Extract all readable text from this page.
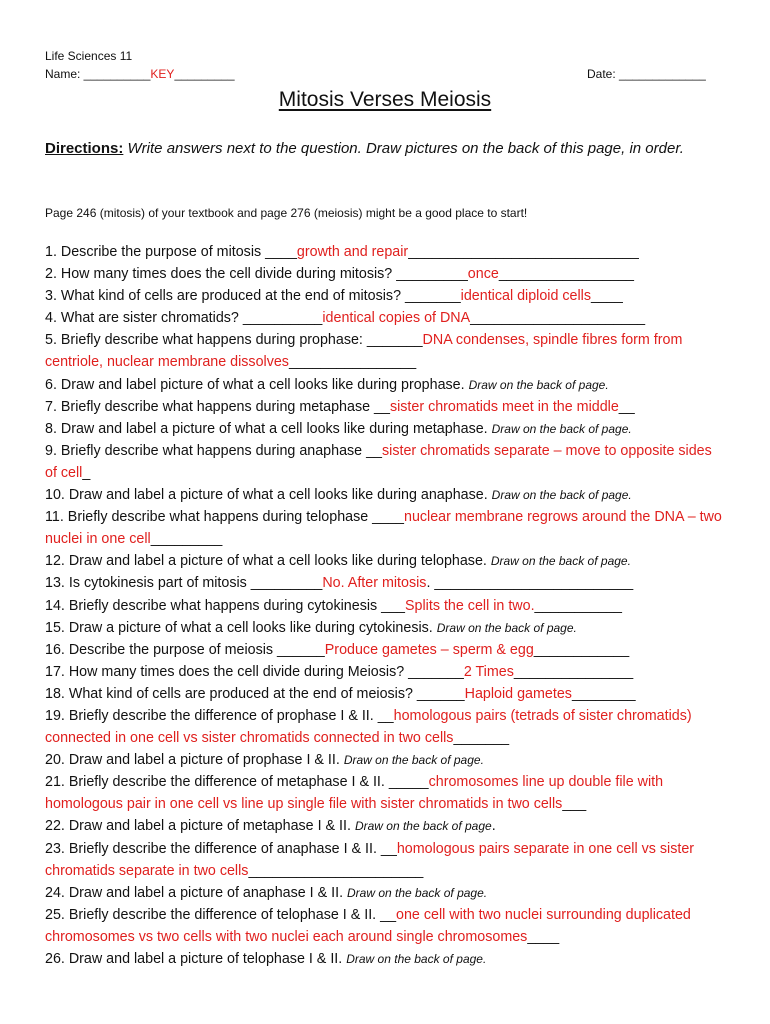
Life Sciences 11
Name: __________KEY_________	Date: _____________
Mitosis Verses Meiosis
Directions: Write answers next to the question. Draw pictures on the back of this page, in order.
Page 246 (mitosis) of your textbook and page 276 (meiosis) might be a good place to start!

1. Describe the purpose of mitosis ____growth and repair_____________________________

2. How many times does the cell divide during mitosis? _________once_________________

3. What kind of cells are produced at the end of mitosis? _______identical diploid cells____

4. What are sister chromatids? __________identical copies of DNA______________________

5. Briefly describe what happens during prophase: _______DNA condenses, spindle fibres form from centriole, nuclear membrane dissolves________________

6. Draw and label picture of what a cell looks like during prophase. Draw on the back of page.

7. Briefly describe what happens during metaphase __sister chromatids meet in the middle__

8. Draw and label a picture of what a cell looks like during metaphase. Draw on the back of page.

9. Briefly describe what happens during anaphase __sister chromatids separate – move to opposite sides of cell_

10. Draw and label a picture of what a cell looks like during anaphase. Draw on the back of page.

11. Briefly describe what happens during telophase ____nuclear membrane regrows around the DNA – two nuclei in one cell_________

12. Draw and label a picture of what a cell looks like during telophase. Draw on the back of page.

13. Is cytokinesis part of mitosis _________No. After mitosis. _________________________

14. Briefly describe what happens during cytokinesis ___Splits the cell in two.___________

15. Draw a picture of what a cell looks like during cytokinesis. Draw on the back of page.

16. Describe the purpose of meiosis ______Produce gametes – sperm & egg____________

17. How many times does the cell divide during Meiosis? _______2 Times_______________

18. What kind of cells are produced at the end of meiosis? ______Haploid gametes________

19. Briefly describe the difference of prophase I & II. __homologous pairs (tetrads of sister chromatids) connected in one cell vs sister chromatids connected in two cells_______

20. Draw and label a picture of prophase I & II. Draw on the back of page.

21. Briefly describe the difference of metaphase I & II. _____chromosomes line up double file with homologous pair in one cell vs line up single file with sister chromatids in two cells___

22. Draw and label a picture of metaphase I & II. Draw on the back of page.

23. Briefly describe the difference of anaphase I & II. __homologous pairs separate in one cell vs sister chromatids separate in two cells______________________

24. Draw and label a picture of anaphase I & II. Draw on the back of page.

25. Briefly describe the difference of telophase I & II. __one cell with two nuclei surrounding duplicated chromosomes vs two cells with two nuclei each around single chromosomes____

26. Draw and label a picture of telophase I & II. Draw on the back of page.
